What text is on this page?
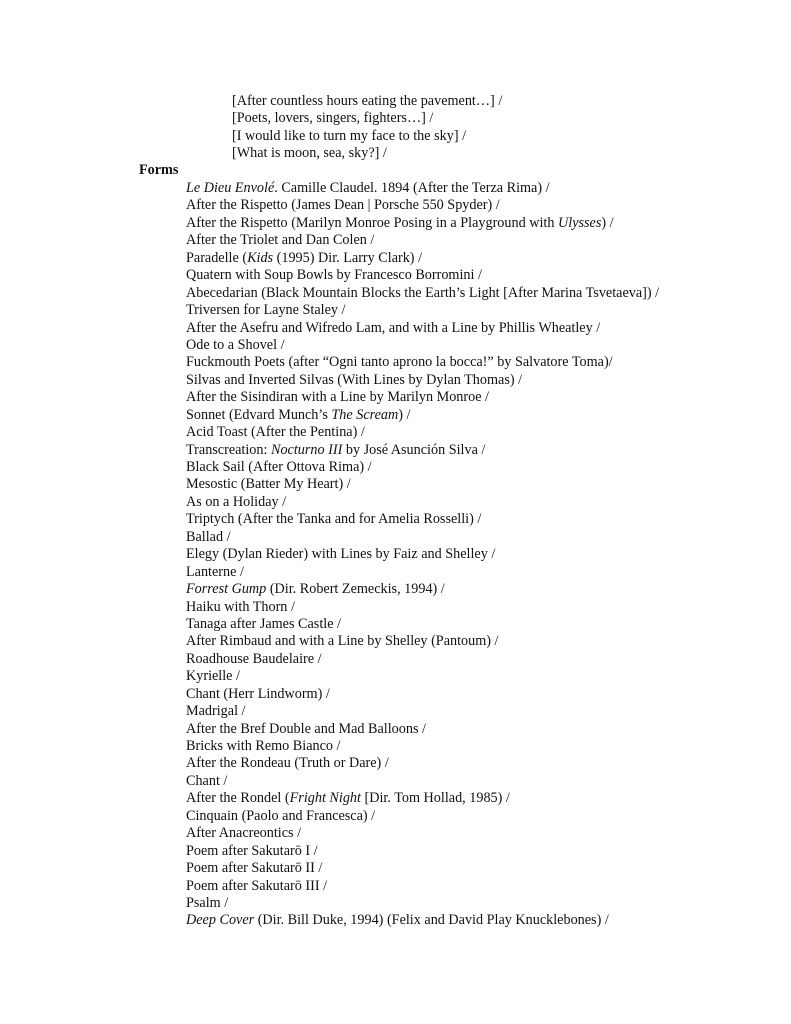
[After countless hours eating the pavement…] /
[Poets, lovers, singers, fighters…] /
[I would like to turn my face to the sky] /
[What is moon, sea, sky?] /
Forms
Le Dieu Envolé. Camille Claudel. 1894 (After the Terza Rima) /
After the Rispetto (James Dean | Porsche 550 Spyder) /
After the Rispetto (Marilyn Monroe Posing in a Playground with Ulysses) /
After the Triolet and Dan Colen /
Paradelle (Kids (1995) Dir. Larry Clark) /
Quatern with Soup Bowls by Francesco Borromini /
Abecedarian (Black Mountain Blocks the Earth’s Light [After Marina Tsvetaeva]) /
Triversen for Layne Staley /
After the Asefru and Wifredo Lam, and with a Line by Phillis Wheatley /
Ode to a Shovel /
Fuckmouth Poets (after “Ogni tanto aprono la bocca!” by Salvatore Toma)/
Silvas and Inverted Silvas (With Lines by Dylan Thomas) /
After the Sisindiran with a Line by Marilyn Monroe /
Sonnet (Edvard Munch’s The Scream) /
Acid Toast (After the Pentina) /
Transcreation: Nocturno III by José Asunción Silva /
Black Sail (After Ottova Rima) /
Mesostic (Batter My Heart) /
As on a Holiday /
Triptych (After the Tanka and for Amelia Rosselli) /
Ballad /
Elegy (Dylan Rieder) with Lines by Faiz and Shelley /
Lanterne /
Forrest Gump (Dir. Robert Zemeckis, 1994) /
Haiku with Thorn /
Tanaga after James Castle /
After Rimbaud and with a Line by Shelley (Pantoum) /
Roadhouse Baudelaire /
Kyrielle /
Chant (Herr Lindworm) /
Madrigal /
After the Bref Double and Mad Balloons /
Bricks with Remo Bianco /
After the Rondeau (Truth or Dare) /
Chant /
After the Rondel (Fright Night [Dir. Tom Hollad, 1985) /
Cinquain (Paolo and Francesca) /
After Anacreontics /
Poem after Sakutarō I /
Poem after Sakutarō II /
Poem after Sakutarō III /
Psalm /
Deep Cover (Dir. Bill Duke, 1994) (Felix and David Play Knucklebones) /
